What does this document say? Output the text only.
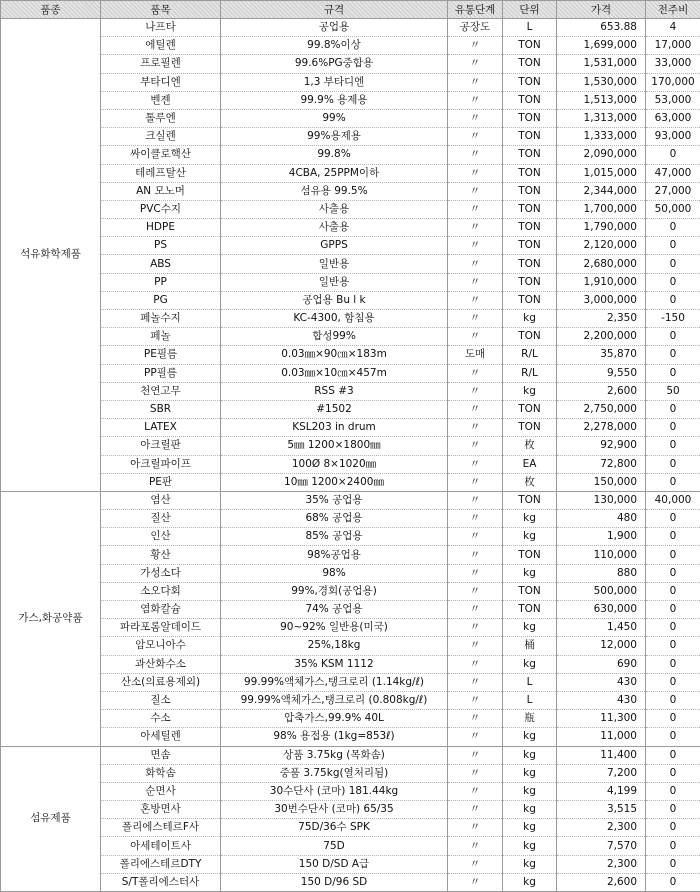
품종	품목	규격	유통단계	단위	가격	전주비
석유화학제품	나프타	공업용	공장도	L	653.88	4
	에틸렌	99.8%이상	〃	TON	1,699,000	17,000
	프로필렌	99.6%PG중합용	〃	TON	1,531,000	33,000
	부타디엔	1,3 부타디엔	〃	TON	1,530,000	170,000
	벤젠	99.9% 용제용	〃	TON	1,513,000	53,000
	톨루엔	99%	〃	TON	1,313,000	63,000
	크실렌	99%용제용	〃	TON	1,333,000	93,000
	싸이클로핵산	99.8%	〃	TON	2,090,000	0
	테레프탈산	4CBA, 25PPM이하	〃	TON	1,015,000	47,000
	AN 모노머	섬유용 99.5%	〃	TON	2,344,000	27,000
	PVC수지	사출용	〃	TON	1,700,000	50,000
	HDPE	사출용	〃	TON	1,790,000	0
	PS	GPPS	〃	TON	2,120,000	0
	ABS	일반용	〃	TON	2,680,000	0
	PP	일반용	〃	TON	1,910,000	0
	PG	공업용 Bu l k	〃	TON	3,000,000	0
	페놀수지	KC-4300, 함침용	〃	kg	2,350	-150
	페놀	합성99%	〃	TON	2,200,000	0
	PE필름	0.03㎜×90㎝×183m	도매	R/L	35,870	0
	PP필름	0.03㎜×10㎝×457m	〃	R/L	9,550	0
	천연고무	RSS #3	〃	kg	2,600	50
	SBR	#1502	〃	TON	2,750,000	0
	LATEX	KSL203 in drum	〃	TON	2,278,000	0
	아크릴판	5㎜ 1200×1800㎜	〃	枚	92,900	0
	아크릴파이프	100Ø 8×1020㎜	〃	EA	72,800	0
	PE판	10㎜ 1200×2400㎜	〃	枚	150,000	0
가스,화공약품	염산	35% 공업용	〃	TON	130,000	40,000
	질산	68% 공업용	〃	kg	480	0
	인산	85% 공업용	〃	kg	1,900	0
	황산	98%공업용	〃	TON	110,000	0
	가성소다	98%	〃	kg	880	0
	소오다회	99%,경회(공업용)	〃	TON	500,000	0
	염화칼슘	74% 공업용	〃	TON	630,000	0
	파라포롬알데이드	90~92% 일반용(미국)	〃	kg	1,450	0
	암모니아수	25%,18kg	〃	桶	12,000	0
	과산화수소	35% KSM 1112	〃	kg	690	0
	산소(의료용제외)	99.99%액체가스,탱크로리 (1.14kg/ℓ)	〃	L	430	0
	질소	99.99%액체가스,탱크로리 (0.808kg/ℓ)	〃	L	430	0
	수소	압축가스,99.9% 40L	〃	瓶	11,300	0
	아세틸렌	98% 용접용 (1kg=853ℓ)	〃	kg	11,000	0
섬유제품	면솜	상품 3.75kg (목화솜)	〃	kg	11,400	0
	화학솜	중품 3.75kg(열처리됨)	〃	kg	7,200	0
	순면사	30수단사 (코마) 181.44kg	〃	kg	4,199	0
	혼방면사	30번수단사 (코마) 65/35	〃	kg	3,515	0
	폴리에스테르F사	75D/36수 SPK	〃	kg	2,300	0
	아세테이트사	75D	〃	kg	7,570	0
	폴리에스테르DTY	150 D/SD A급	〃	kg	2,300	0
	S/T폴리에스터사	150 D/96 SD	〃	kg	2,600	0
